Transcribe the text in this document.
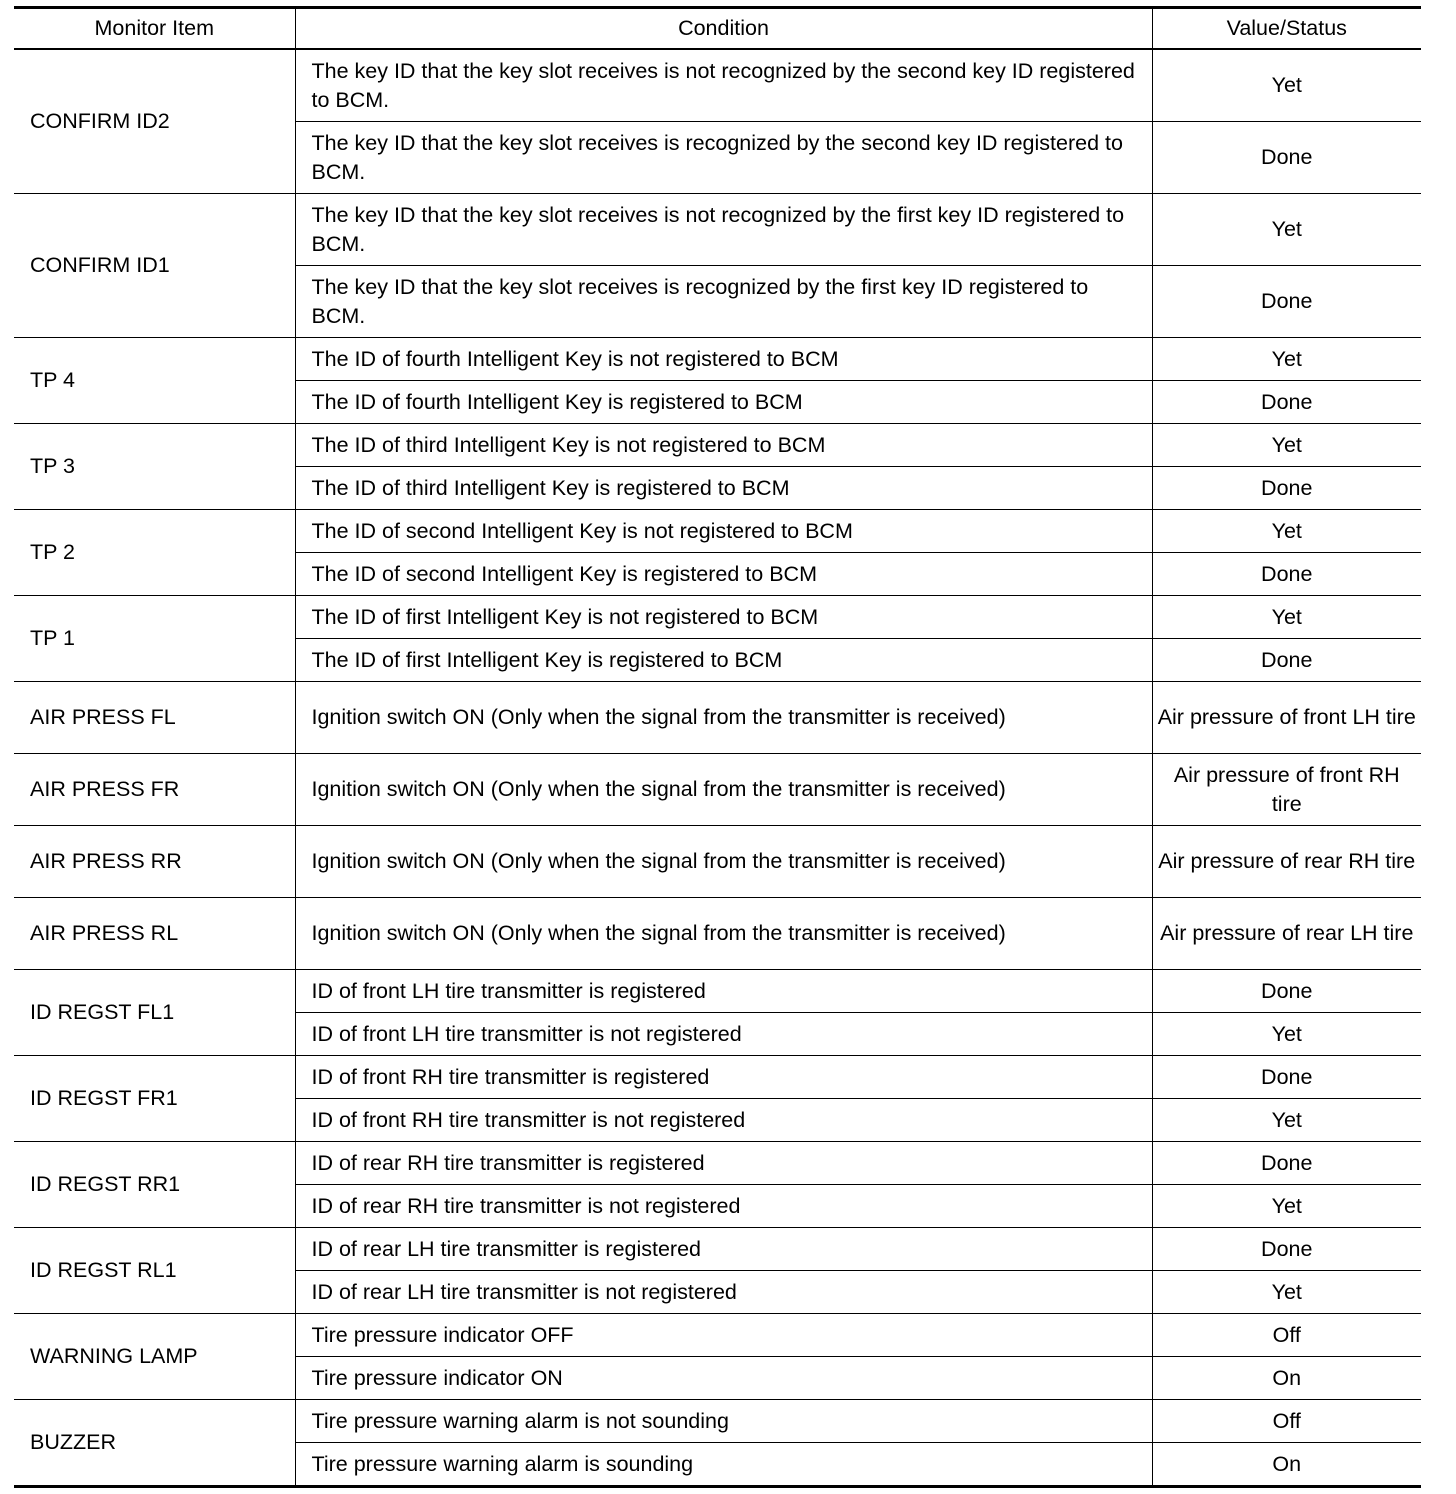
Monitor Item	Condition	Value/Status
CONFIRM ID2	The key ID that the key slot receives is not recognized by the second key ID registered to BCM.	Yet
	The key ID that the key slot receives is recognized by the second key ID registered to BCM.	Done
CONFIRM ID1	The key ID that the key slot receives is not recognized by the first key ID registered to BCM.	Yet
	The key ID that the key slot receives is recognized by the first key ID registered to BCM.	Done
TP 4	The ID of fourth Intelligent Key is not registered to BCM	Yet
	The ID of fourth Intelligent Key is registered to BCM	Done
TP 3	The ID of third Intelligent Key is not registered to BCM	Yet
	The ID of third Intelligent Key is registered to BCM	Done
TP 2	The ID of second Intelligent Key is not registered to BCM	Yet
	The ID of second Intelligent Key is registered to BCM	Done
TP 1	The ID of first Intelligent Key is not registered to BCM	Yet
	The ID of first Intelligent Key is registered to BCM	Done
AIR PRESS FL	Ignition switch ON (Only when the signal from the transmitter is received)	Air pressure of front LH tire
AIR PRESS FR	Ignition switch ON (Only when the signal from the transmitter is received)	Air pressure of front RH tire
AIR PRESS RR	Ignition switch ON (Only when the signal from the transmitter is received)	Air pressure of rear RH tire
AIR PRESS RL	Ignition switch ON (Only when the signal from the transmitter is received)	Air pressure of rear LH tire
ID REGST FL1	ID of front LH tire transmitter is registered	Done
	ID of front LH tire transmitter is not registered	Yet
ID REGST FR1	ID of front RH tire transmitter is registered	Done
	ID of front RH tire transmitter is not registered	Yet
ID REGST RR1	ID of rear RH tire transmitter is registered	Done
	ID of rear RH tire transmitter is not registered	Yet
ID REGST RL1	ID of rear LH tire transmitter is registered	Done
	ID of rear LH tire transmitter is not registered	Yet
WARNING LAMP	Tire pressure indicator OFF	Off
	Tire pressure indicator ON	On
BUZZER	Tire pressure warning alarm is not sounding	Off
	Tire pressure warning alarm is sounding	On
